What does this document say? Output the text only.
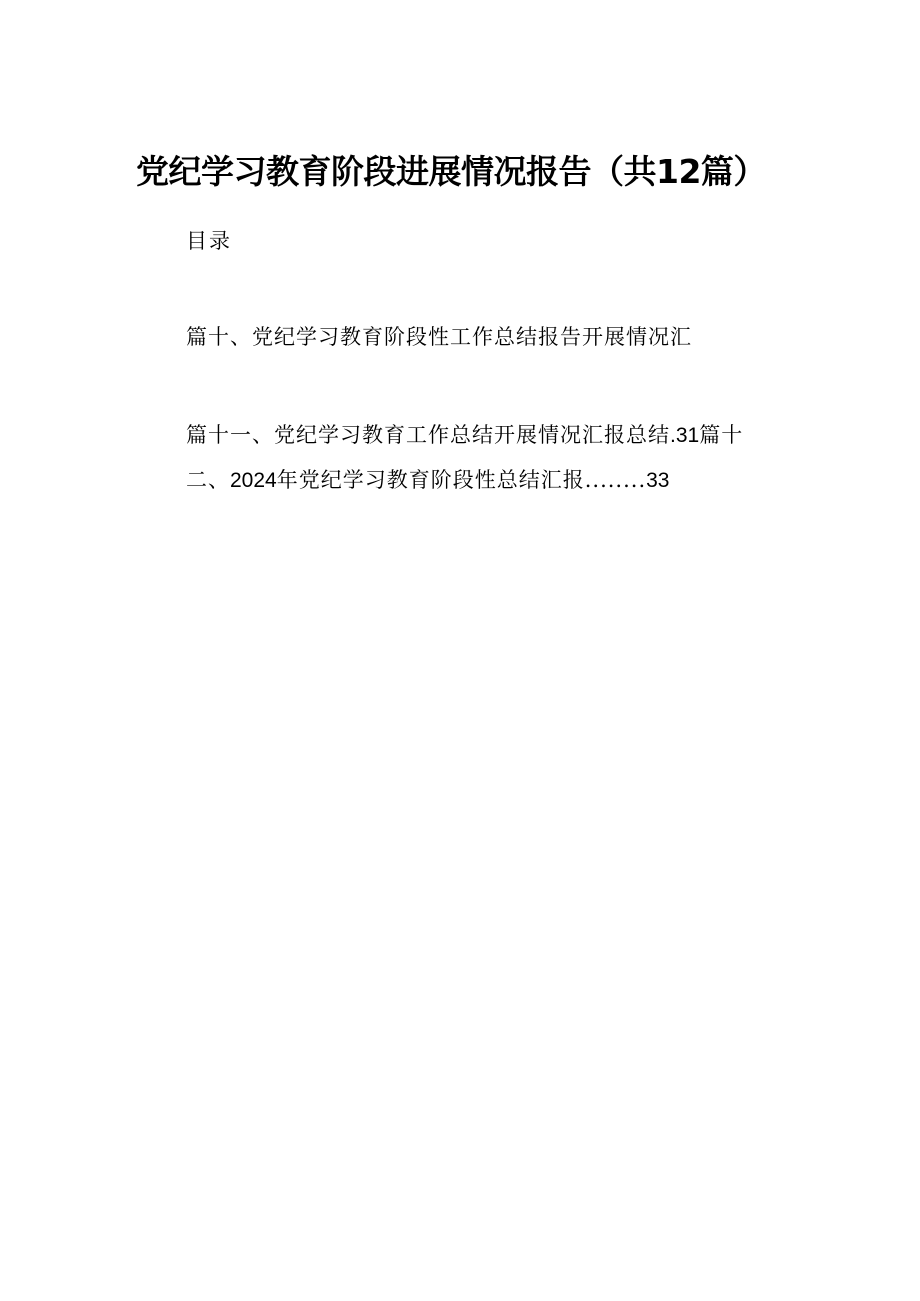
党纪学习教育阶段进展情况报告（共12篇）
目录
篇十、党纪学习教育阶段性工作总结报告开展情况汇
篇十一、党纪学习教育工作总结开展情况汇报总结.31篇十
二、2024年党纪学习教育阶段性总结汇报........33
